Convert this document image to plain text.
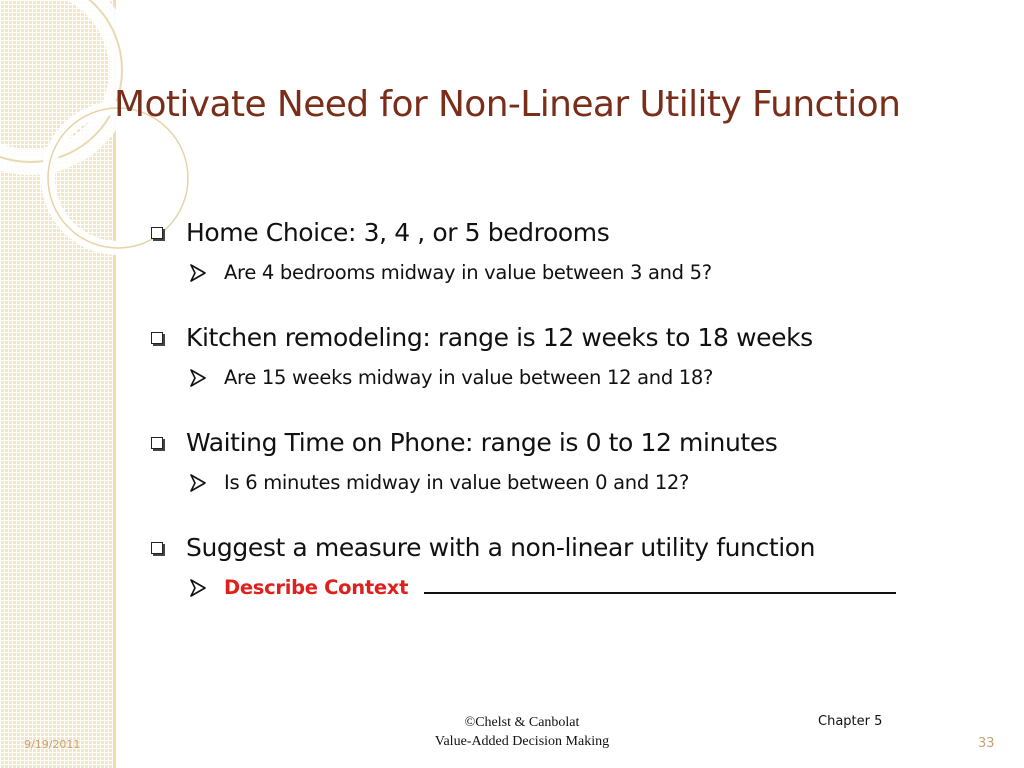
Motivate Need for Non-Linear Utility Function
Home Choice: 3, 4 , or 5 bedrooms
Are 4 bedrooms midway in value between 3 and 5?
Kitchen remodeling: range is 12 weeks to 18 weeks
Are 15 weeks midway in value between 12 and 18?
Waiting Time on Phone: range is 0 to 12 minutes
Is 6 minutes midway in value between 0 and 12?
Suggest a measure with a non-linear utility function
Describe Context
9/19/2011
©Chelst & Canbolat
Value-Added Decision Making
Chapter 5
33
